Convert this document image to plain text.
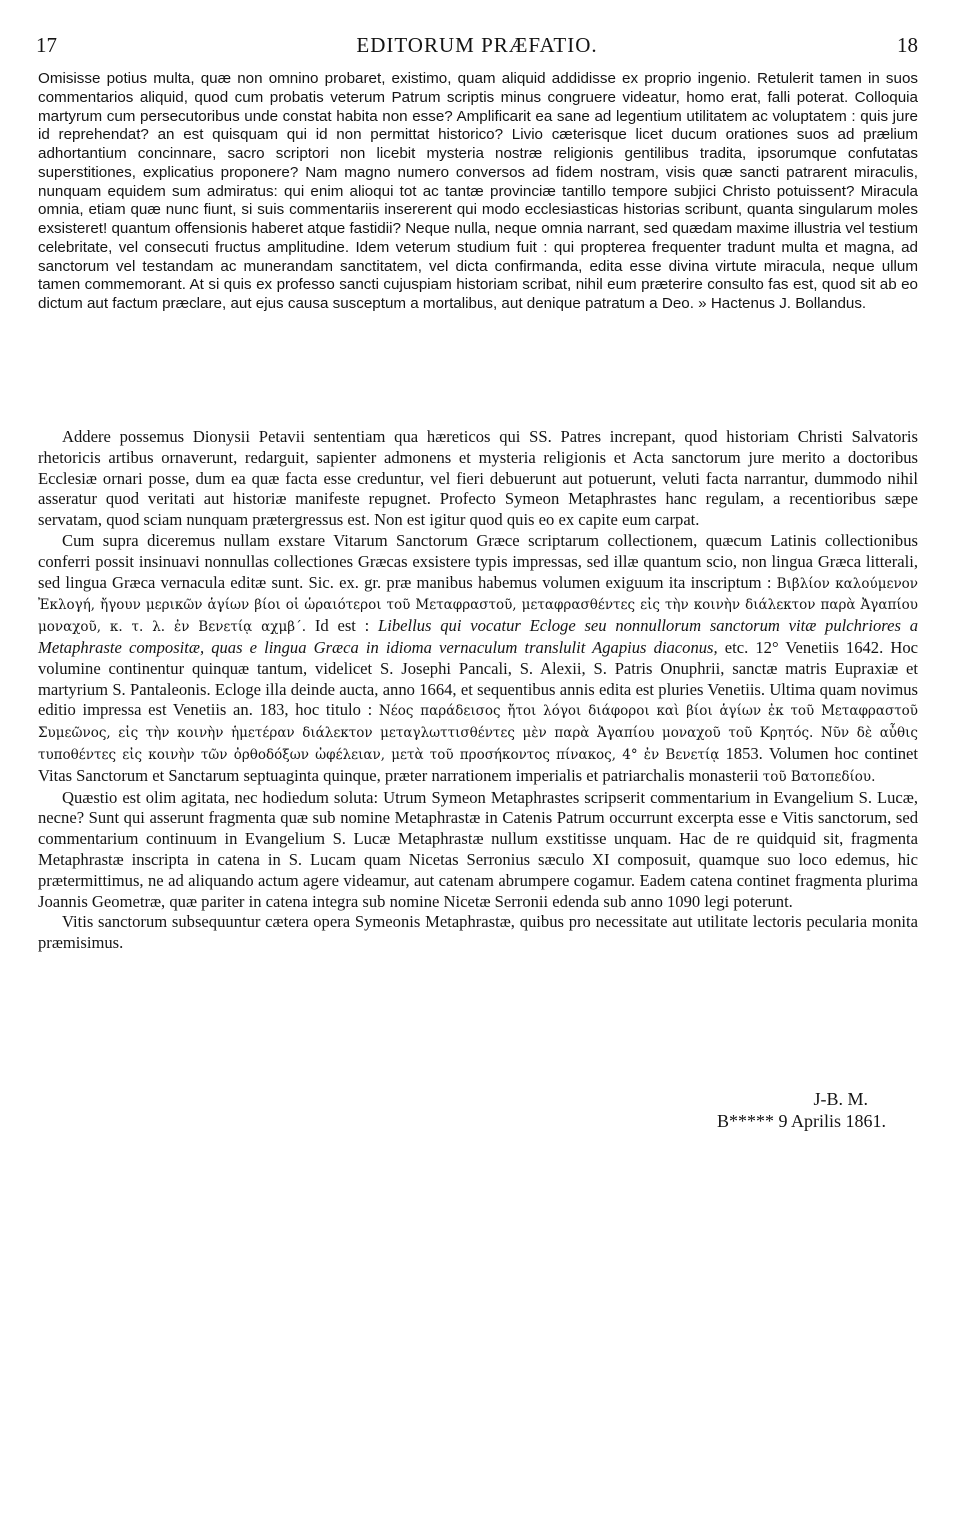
17	EDITORUM PRÆFATIO.	18

Omisisse potius multa, quæ non omnino probaret, existimo, quam aliquid addidisse ex proprio ingenio. Retulerit tamen in suos commentarios aliquid, quod cum probatis veterum Patrum scriptis minus congruere videatur, homo erat, falli poterat. Colloquia martyrum cum persecutoribus unde constat habita non esse? Amplificarit ea sane ad legentium utilitatem ac voluptatem : quis jure id reprehendat? an est quisquam qui id non permittat historico? Livio cæterisque licet ducum orationes suos ad prælium adhortantium concinnare, sacro scriptori non licebit mysteria nostræ religionis gentilibus tradita, ipsorumque confutatas superstitiones, explicatius proponere? Nam magno numero conversos ad fidem nostram, visis quæ sancti patrarent miraculis, nunquam equidem sum admiratus: qui enim alioqui tot ac tantæ provinciæ tantillo tempore subjici Christo potuissent? Miracula omnia, etiam quæ nunc fiunt, si suis commentariis insererent qui modo ecclesiasticas historias scribunt, quanta singularum moles exsisteret! quantum offensionis haberet atque fastidii? Neque nulla, neque omnia narrant, sed quædam maxime illustria vel testium celebritate, vel consecuti fructus amplitudine. Idem veterum studium fuit : qui propterea frequenter tradunt multa et magna, ad sanctorum vel testandam ac munerandam sanctitatem, vel dicta confirmanda, edita esse divina virtute miracula, neque ullum tamen commemorant. At si quis ex professo sancti cujuspiam historiam scribat, nihil eum præterire consulto fas est, quod sit ab eo dictum aut factum præclare, aut ejus causa susceptum a mortalibus, aut denique patratum a Deo. » Hactenus J. Bollandus.

Addere possemus Dionysii Petavii sententiam qua hæreticos qui SS. Patres increpant, quod historiam Christi Salvatoris rhetoricis artibus ornaverunt, redarguit, sapienter admonens et mysteria religionis et Acta sanctorum jure merito a doctoribus Ecclesiæ ornari posse, dum ea quæ facta esse creduntur, vel fieri debuerunt aut potuerunt, veluti facta narrantur, dummodo nihil asseratur quod veritati aut historiæ manifeste repugnet. Profecto Symeon Metaphrastes hanc regulam, a recentioribus sæpe servatam, quod sciam nunquam prætergressus est. Non est igitur quod quis eo ex capite eum carpat.

Cum supra diceremus nullam exstare Vitarum Sanctorum Græce scriptarum collectionem, quæcum Latinis collectionibus conferri possit insinuavi nonnullas collectiones Græcas exsistere typis impressas, sed illæ quantum scio, non lingua Græca litterali, sed lingua Græca vernacula editæ sunt. Sic. ex. gr. præ manibus habemus volumen exiguum ita inscriptum : Βιβλίον καλούμενον Ἐκλογή, ἤγουν μερικῶν ἁγίων βίοι οἱ ὡραιότεροι τοῦ Μεταφραστοῦ, μεταφρασθέντες εἰς τὴν κοινὴν διάλεκτον παρὰ Ἀγαπίου μοναχοῦ, κ. τ. λ. ἐν Βενετίᾳ αχμβ΄. Id est : Libellus qui vocatur Ecloge seu nonnullorum sanctorum vitæ pulchriores a Metaphraste compositæ, quas e lingua Græca in idioma vernaculum translulit Agapius diaconus, etc. 12° Venetiis 1642. Hoc volumine continentur quinquæ tantum, videlicet S. Josephi Pancali, S. Alexii, S. Patris Onuphrii, sanctæ matris Eupraxiæ et martyrium S. Pantaleonis. Ecloge illa deinde aucta, anno 1664, et sequentibus annis edita est pluries Venetiis. Ultima quam novimus editio impressa est Venetiis an. 183, hoc titulo : Νέος παράδεισος ἤτοι λόγοι διάφοροι καὶ βίοι ἁγίων ἐκ τοῦ Μεταφραστοῦ Συμεῶνος, εἰς τὴν κοινὴν ἡμετέραν διάλεκτον μεταγλωττισθέντες μὲν παρὰ Ἀγαπίου μοναχοῦ τοῦ Κρητός. Νῦν δὲ αὖθις τυποθέντες εἰς κοινὴν τῶν ὀρθοδόξων ὠφέλειαν, μετὰ τοῦ προσήκοντος πίνακος, 4° ἐν Βενετίᾳ 1853. Volumen hoc continet Vitas Sanctorum et Sanctarum septuaginta quinque, præter narrationem imperialis et patriarchalis monasterii τοῦ Βατοπεδίου.

Quæstio est olim agitata, nec hodiedum soluta: Utrum Symeon Metaphrastes scripserit commentarium in Evangelium S. Lucæ, necne? Sunt qui asserunt fragmenta quæ sub nomine Metaphrastæ in Catenis Patrum occurrunt excerpta esse e Vitis sanctorum, sed commentarium continuum in Evangelium S. Lucæ Metaphrastæ nullum exstitisse unquam. Hac de re quidquid sit, fragmenta Metaphrastæ inscripta in catena in S. Lucam quam Nicetas Serronius sæculo XI composuit, quamque suo loco edemus, hic prætermittimus, ne ad aliquando actum agere videamur, aut catenam abrumpere cogamur. Eadem catena continet fragmenta plurima Joannis Geometræ, quæ pariter in catena integra sub nomine Nicetæ Serronii edenda sub anno 1090 legi poterunt.

Vitis sanctorum subsequuntur cætera opera Symeonis Metaphrastæ, quibus pro necessitate aut utilitate lectoris pecularia monita præmisimus.

J-B. M.
B***** 9 Aprilis 1861.
